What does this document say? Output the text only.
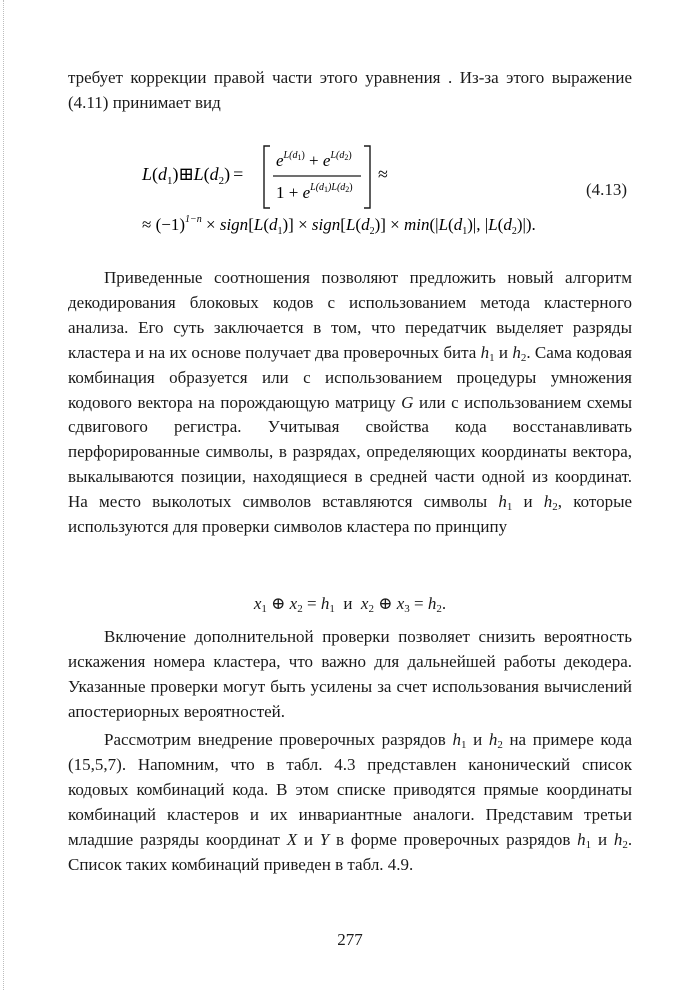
требует коррекции правой части этого уравнения . Из-за этого выражение (4.11) принимает вид

$L(d_1)⊞L(d_2)$ =
$e^{L(d}1) + e^{L(d}2$)
$1 + e^{L(d}1)L(d2)$
≈
≈ $(-1)^{1-n}$ × $sign[L(d_1)]$ × $sign[L(d_2)] \times \min(|L(d_1)|$, $|L(d_2)|$).
(4.13)

Приведенные соотношения позволяют предложить новый алгоритм декодирования блоковых кодов с использованием метода кластерного анализа. Его суть заключается в том, что передатчик выделяет разряды кластера и на их основе получает два проверочных бита $h_1$ и $h_2$. Сама кодовая комбинация образуется или с использованием процедуры умножения кодового вектора на порождающую матрицу G или с использованием схемы сдвигового регистра. Учитывая свойства кода восстанавливать перфорированные символы, в разрядах, определяющих координаты вектора, выкалываются позиции, находящиеся в средней части одной из координат. На место выколотых символов вставляются символы $h_1$ и $h_2$, которые используются для проверки символов кластера по принципу

$x_1$ ⊕ $x_2 = h_1$ и $x_2$ ⊕ $x_3 = h_2$.

Включение дополнительной проверки позволяет снизить вероятность искажения номера кластера, что важно для дальнейшей работы декодера. Указанные проверки могут быть усилены за счет использования вычислений апостериорных вероятностей.

Рассмотрим внедрение проверочных разрядов $h_1$ и $h_2$ на примере кода (15,5,7). Напомним, что в табл. 4.3 представлен канонический список кодовых комбинаций кода. В этом списке приводятся прямые координаты комбинаций кластеров и их инвариантные аналоги. Представим третьи младшие разряды координат X и Y в форме проверочных разрядов $h_1$ и $h_2$. Список таких комбинаций приведен в табл. 4.9.

277
